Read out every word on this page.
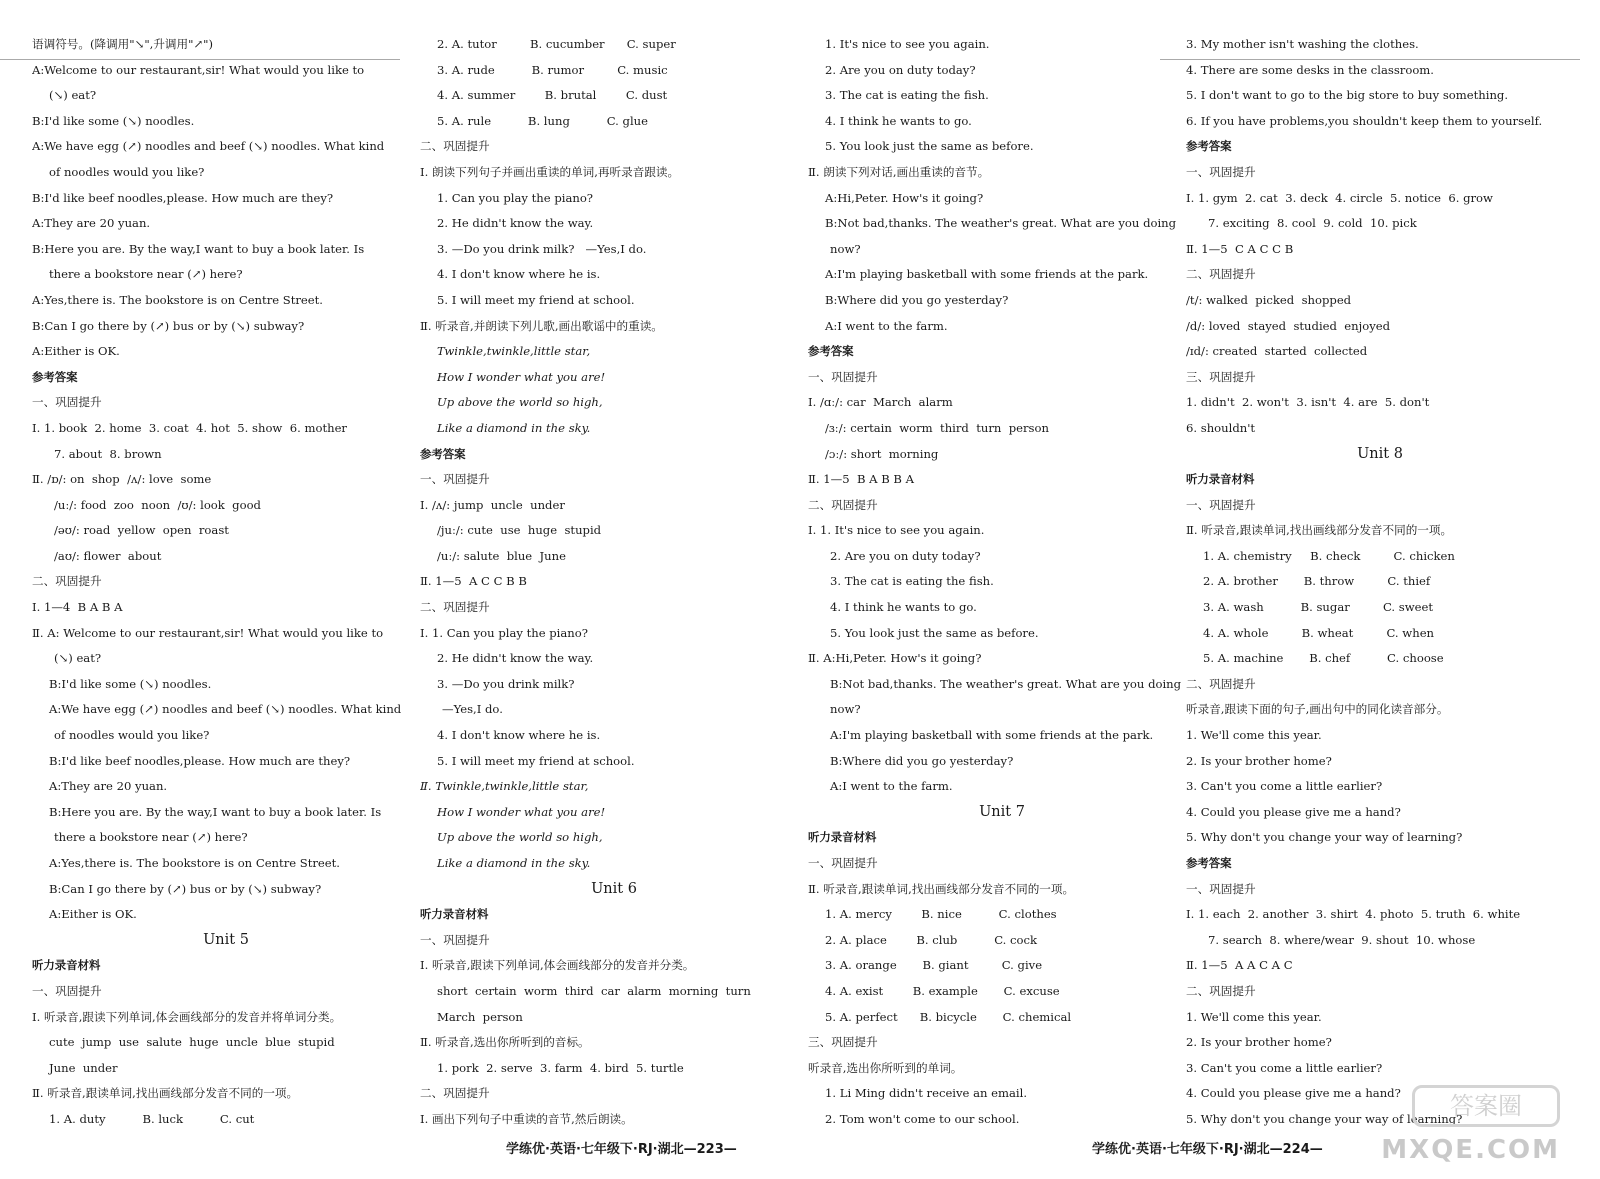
语调符号。(降调用"↘",升调用"↗")
A:Welcome to our restaurant,sir! What would you like to
(↘) eat?
B:I'd like some (↘) noodles.
A:We have egg (↗) noodles and beef (↘) noodles. What kind
of noodles would you like?
B:I'd like beef noodles,please. How much are they?
A:They are 20 yuan.
B:Here you are. By the way,I want to buy a book later. Is
there a bookstore near (↗) here?
A:Yes,there is. The bookstore is on Centre Street.
B:Can I go there by (↗) bus or by (↘) subway?
A:Either is OK.
参考答案
一、巩固提升
Ⅰ. 1. book  2. home  3. coat  4. hot  5. show  6. mother
7. about  8. brown
Ⅱ. /ɒ/: on  shop  /ʌ/: love  some
/uː/: food  zoo  noon  /ʊ/: look  good
/əʊ/: road  yellow  open  roast
/aʊ/: flower  about
二、巩固提升
Ⅰ. 1—4  B A B A
Ⅱ. A: Welcome to our restaurant,sir! What would you like to
(↘) eat?
B:I'd like some (↘) noodles.
A:We have egg (↗) noodles and beef (↘) noodles. What kind
of noodles would you like?
B:I'd like beef noodles,please. How much are they?
A:They are 20 yuan.
B:Here you are. By the way,I want to buy a book later. Is
there a bookstore near (↗) here?
A:Yes,there is. The bookstore is on Centre Street.
B:Can I go there by (↗) bus or by (↘) subway?
A:Either is OK.
Unit 5
听力录音材料
一、巩固提升
Ⅰ. 听录音,跟读下列单词,体会画线部分的发音并将单词分类。
cute  jump  use  salute  huge  uncle  blue  stupid
June  under
Ⅱ. 听录音,跟读单词,找出画线部分发音不同的一项。
1. A. duty          B. luck          C. cut
2. A. tutor         B. cucumber      C. super
3. A. rude          B. rumor         C. music
4. A. summer        B. brutal        C. dust
5. A. rule          B. lung          C. glue
二、巩固提升
Ⅰ. 朗读下列句子并画出重读的单词,再听录音跟读。
1. Can you play the piano?
2. He didn't know the way.
3. —Do you drink milk?   —Yes,I do.
4. I don't know where he is.
5. I will meet my friend at school.
Ⅱ. 听录音,并朗读下列儿歌,画出歌谣中的重读。
Twinkle,twinkle,little star,
How I wonder what you are!
Up above the world so high,
Like a diamond in the sky.
参考答案
一、巩固提升
Ⅰ. /ʌ/: jump  uncle  under
/juː/: cute  use  huge  stupid
/uː/: salute  blue  June
Ⅱ. 1—5  A C C B B
二、巩固提升
Ⅰ. 1. Can you play the piano?
2. He didn't know the way.
3. —Do you drink milk?
—Yes,I do.
4. I don't know where he is.
5. I will meet my friend at school.
Ⅱ. Twinkle,twinkle,little star,
How I wonder what you are!
Up above the world so high,
Like a diamond in the sky.
Unit 6
听力录音材料
一、巩固提升
Ⅰ. 听录音,跟读下列单词,体会画线部分的发音并分类。
short  certain  worm  third  car  alarm  morning  turn
March  person
Ⅱ. 听录音,选出你所听到的音标。
1. pork  2. serve  3. farm  4. bird  5. turtle
二、巩固提升
Ⅰ. 画出下列句子中重读的音节,然后朗读。
1. It's nice to see you again.
2. Are you on duty today?
3. The cat is eating the fish.
4. I think he wants to go.
5. You look just the same as before.
Ⅱ. 朗读下列对话,画出重读的音节。
A:Hi,Peter. How's it going?
B:Not bad,thanks. The weather's great. What are you doing
now?
A:I'm playing basketball with some friends at the park.
B:Where did you go yesterday?
A:I went to the farm.
参考答案
一、巩固提升
Ⅰ. /ɑː/: car  March  alarm
/ɜː/: certain  worm  third  turn  person
/ɔː/: short  morning
Ⅱ. 1—5  B A B B A
二、巩固提升
Ⅰ. 1. It's nice to see you again.
2. Are you on duty today?
3. The cat is eating the fish.
4. I think he wants to go.
5. You look just the same as before.
Ⅱ. A:Hi,Peter. How's it going?
B:Not bad,thanks. The weather's great. What are you doing
now?
A:I'm playing basketball with some friends at the park.
B:Where did you go yesterday?
A:I went to the farm.
Unit 7
听力录音材料
一、巩固提升
Ⅱ. 听录音,跟读单词,找出画线部分发音不同的一项。
1. A. mercy        B. nice          C. clothes
2. A. place        B. club          C. cock
3. A. orange       B. giant         C. give
4. A. exist        B. example       C. excuse
5. A. perfect      B. bicycle       C. chemical
三、巩固提升
听录音,选出你所听到的单词。
1. Li Ming didn't receive an email.
2. Tom won't come to our school.
3. My mother isn't washing the clothes.
4. There are some desks in the classroom.
5. I don't want to go to the big store to buy something.
6. If you have problems,you shouldn't keep them to yourself.
参考答案
一、巩固提升
Ⅰ. 1. gym  2. cat  3. deck  4. circle  5. notice  6. grow
7. exciting  8. cool  9. cold  10. pick
Ⅱ. 1—5  C A C C B
二、巩固提升
/t/: walked  picked  shopped
/d/: loved  stayed  studied  enjoyed
/ɪd/: created  started  collected
三、巩固提升
1. didn't  2. won't  3. isn't  4. are  5. don't
6. shouldn't
Unit 8
听力录音材料
一、巩固提升
Ⅱ. 听录音,跟读单词,找出画线部分发音不同的一项。
1. A. chemistry     B. check         C. chicken
2. A. brother       B. throw         C. thief
3. A. wash          B. sugar         C. sweet
4. A. whole         B. wheat         C. when
5. A. machine       B. chef          C. choose
二、巩固提升
听录音,跟读下面的句子,画出句中的同化读音部分。
1. We'll come this year.
2. Is your brother home?
3. Can't you come a little earlier?
4. Could you please give me a hand?
5. Why don't you change your way of learning?
参考答案
一、巩固提升
Ⅰ. 1. each  2. another  3. shirt  4. photo  5. truth  6. white
7. search  8. where/wear  9. shout  10. whose
Ⅱ. 1—5  A A C A C
二、巩固提升
1. We'll come this year.
2. Is your brother home?
3. Can't you come a little earlier?
4. Could you please give me a hand?
5. Why don't you change your way of learning?
学练优·英语·七年级下·RJ·湖北—223—	学练优·英语·七年级下·RJ·湖北—224—
答案圈
MXQE.COM
